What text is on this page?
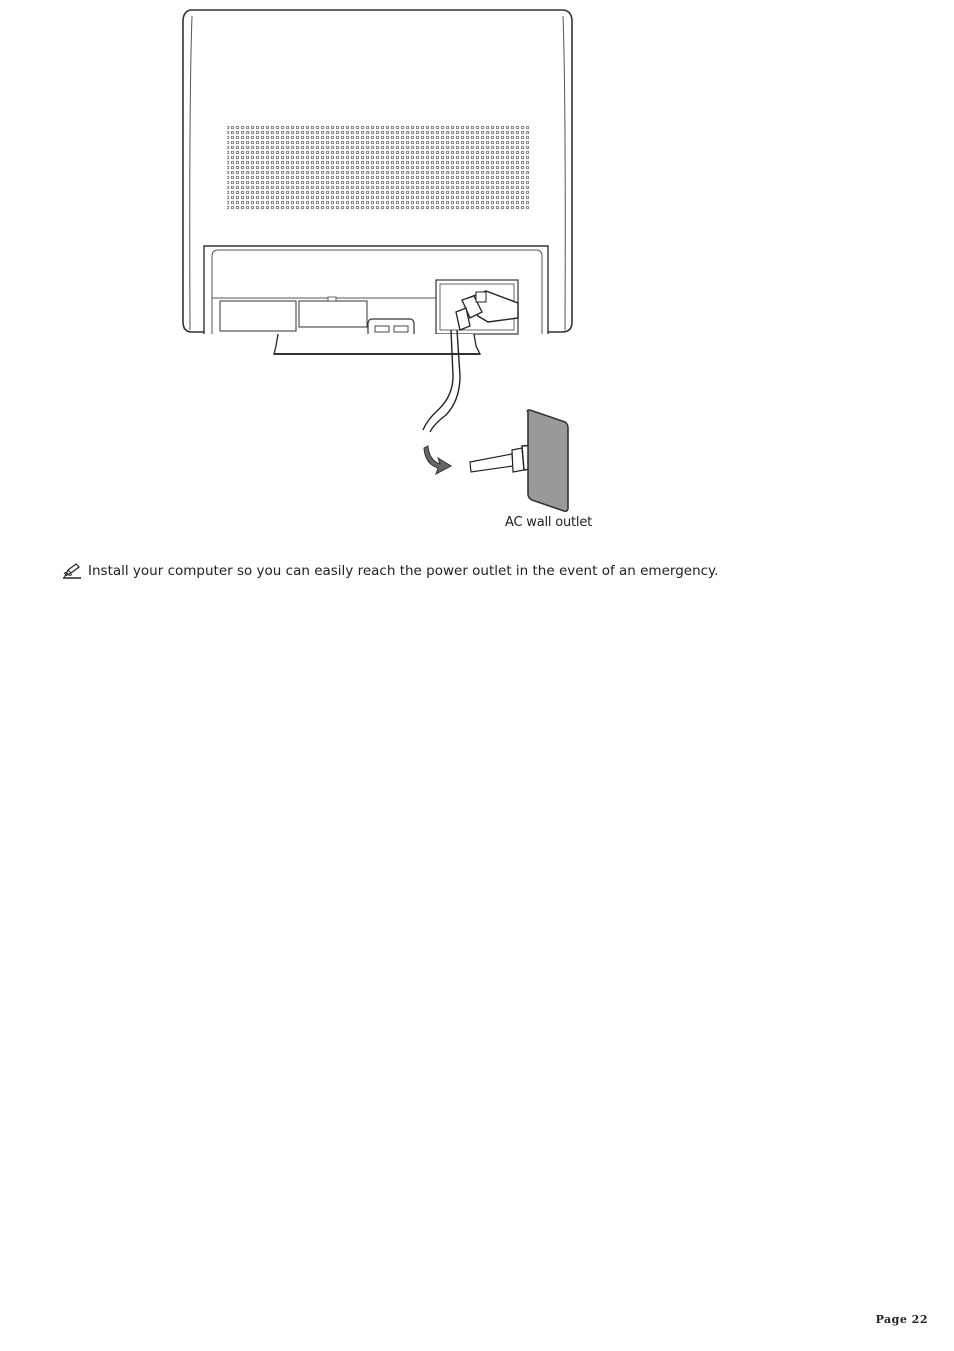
AC wall outlet
Install your computer so you can easily reach the power outlet in the event of an emergency.
Page 22
